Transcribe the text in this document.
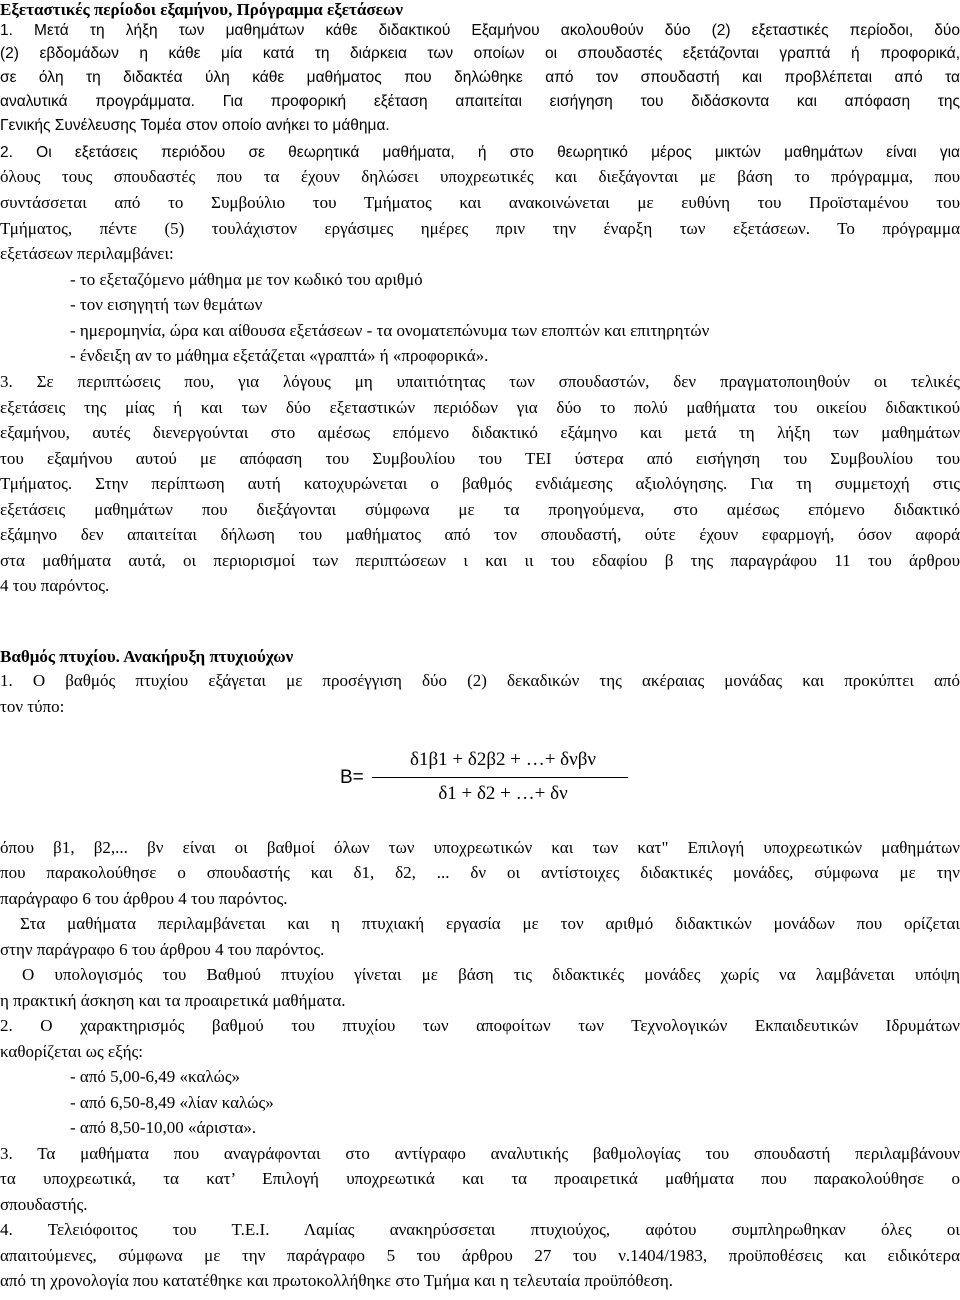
Εξεταστικές περίοδοι εξαμήνου, Πρόγραμμα εξετάσεων
1. Μετά τη λήξη των μαθημάτων κάθε διδακτικού Εξαμήνου ακολουθούν δύο (2) εξεταστικές περίοδοι, δύο
(2) εβδομάδων η κάθε μία κατά τη διάρκεια των οποίων οι σπουδαστές εξετάζονται γραπτά ή προφορικά,
σε όλη τη διδακτέα ύλη κάθε μαθήματος που δηλώθηκε από τον σπουδαστή και προβλέπεται από τα
αναλυτικά προγράμματα. Για προφορική εξέταση απαιτείται εισήγηση του διδάσκοντα και απόφαση της
Γενικής Συνέλευσης Τομέα στον οποίο ανήκει το μάθημα.
2. Οι εξετάσεις περιόδου σε θεωρητικά μαθήματα, ή στο θεωρητικό μέρος μικτών μαθημάτων είναι για
όλους τους σπουδαστές που τα έχουν δηλώσει υποχρεωτικές και διεξάγονται με βάση το πρόγραμμα, που
συντάσσεται από το Συμβούλιο του Τμήματος και ανακοινώνεται με ευθύνη του Προϊσταμένου του
Τμήματος, πέντε (5) τουλάχιστον εργάσιμες ημέρες πριν την έναρξη των εξετάσεων. Το πρόγραμμα
εξετάσεων περιλαμβάνει:
- το εξεταζόμενο μάθημα με τον κωδικό του αριθμό
- τον εισηγητή των θεμάτων
- ημερομηνία, ώρα και αίθουσα εξετάσεων - τα ονοματεπώνυμα των εποπτών και επιτηρητών
- ένδειξη αν το μάθημα εξετάζεται «γραπτά» ή «προφορικά».
3. Σε περιπτώσεις που, για λόγους μη υπαιτιότητας των σπουδαστών, δεν πραγματοποιηθούν οι τελικές
εξετάσεις της μίας ή και των δύο εξεταστικών περιόδων για δύο το πολύ μαθήματα του οικείου διδακτικού
εξαμήνου, αυτές διενεργούνται στο αμέσως επόμενο διδακτικό εξάμηνο και μετά τη λήξη των μαθημάτων
του εξαμήνου αυτού με απόφαση του Συμβουλίου του ΤΕΙ ύστερα από εισήγηση του Συμβουλίου του
Τμήματος. Στην περίπτωση αυτή κατοχυρώνεται ο βαθμός ενδιάμεσης αξιολόγησης. Για τη συμμετοχή στις
εξετάσεις μαθημάτων που διεξάγονται σύμφωνα με τα προηγούμενα, στο αμέσως επόμενο διδακτικό
εξάμηνο δεν απαιτείται δήλωση του μαθήματος από τον σπουδαστή, ούτε έχουν εφαρμογή, όσον αφορά
στα μαθήματα αυτά, οι περιορισμοί των περιπτώσεων ι και ιι του εδαφίου β της παραγράφου 11 του άρθρου
4 του παρόντος.
Βαθμός πτυχίου. Ανακήρυξη πτυχιούχων
1. Ο βαθμός πτυχίου εξάγεται με προσέγγιση δύο (2) δεκαδικών της ακέραιας μονάδας και προκύπτει από
τον τύπο:
B=
δ1β1 + δ2β2 + …+ δνβν
δ1 + δ2 + …+ δν
όπου β1, β2,... βν είναι οι βαθμοί όλων των υποχρεωτικών και των κατ" Επιλογή υποχρεωτικών μαθημάτων
που παρακολούθησε ο σπουδαστής και δ1, δ2, ... δν οι αντίστοιχες διδακτικές μονάδες, σύμφωνα με την
παράγραφο 6 του άρθρου 4 του παρόντος.
Στα μαθήματα περιλαμβάνεται και η πτυχιακή εργασία με τον αριθμό διδακτικών μονάδων που ορίζεται
στην παράγραφο 6 του άρθρου 4 του παρόντος.
Ο υπολογισμός του Βαθμού πτυχίου γίνεται με βάση τις διδακτικές μονάδες χωρίς να λαμβάνεται υπόψη
η πρακτική άσκηση και τα προαιρετικά μαθήματα.
2. Ο χαρακτηρισμός βαθμού του πτυχίου των αποφοίτων των Τεχνολογικών Εκπαιδευτικών Ιδρυμάτων
καθορίζεται ως εξής:
- από 5,00-6,49 «καλώς»
- από 6,50-8,49 «λίαν καλώς»
- από 8,50-10,00 «άριστα».
3. Τα μαθήματα που αναγράφονται στο αντίγραφο αναλυτικής βαθμολογίας του σπουδαστή περιλαμβάνουν
τα υποχρεωτικά, τα κατ’ Επιλογή υποχρεωτικά και τα προαιρετικά μαθήματα που παρακολούθησε ο
σπουδαστής.
4. Τελειόφοιτος του Τ.Ε.Ι. Λαμίας ανακηρύσσεται πτυχιούχος, αφότου συμπληρωθηκαν όλες οι
απαιτούμενες, σύμφωνα με την παράγραφο 5 του άρθρου 27 του ν.1404/1983, προϋποθέσεις και ειδικότερα
από τη χρονολογία που κατατέθηκε και πρωτοκολλήθηκε στο Τμήμα και η τελευταία προϋπόθεση.
